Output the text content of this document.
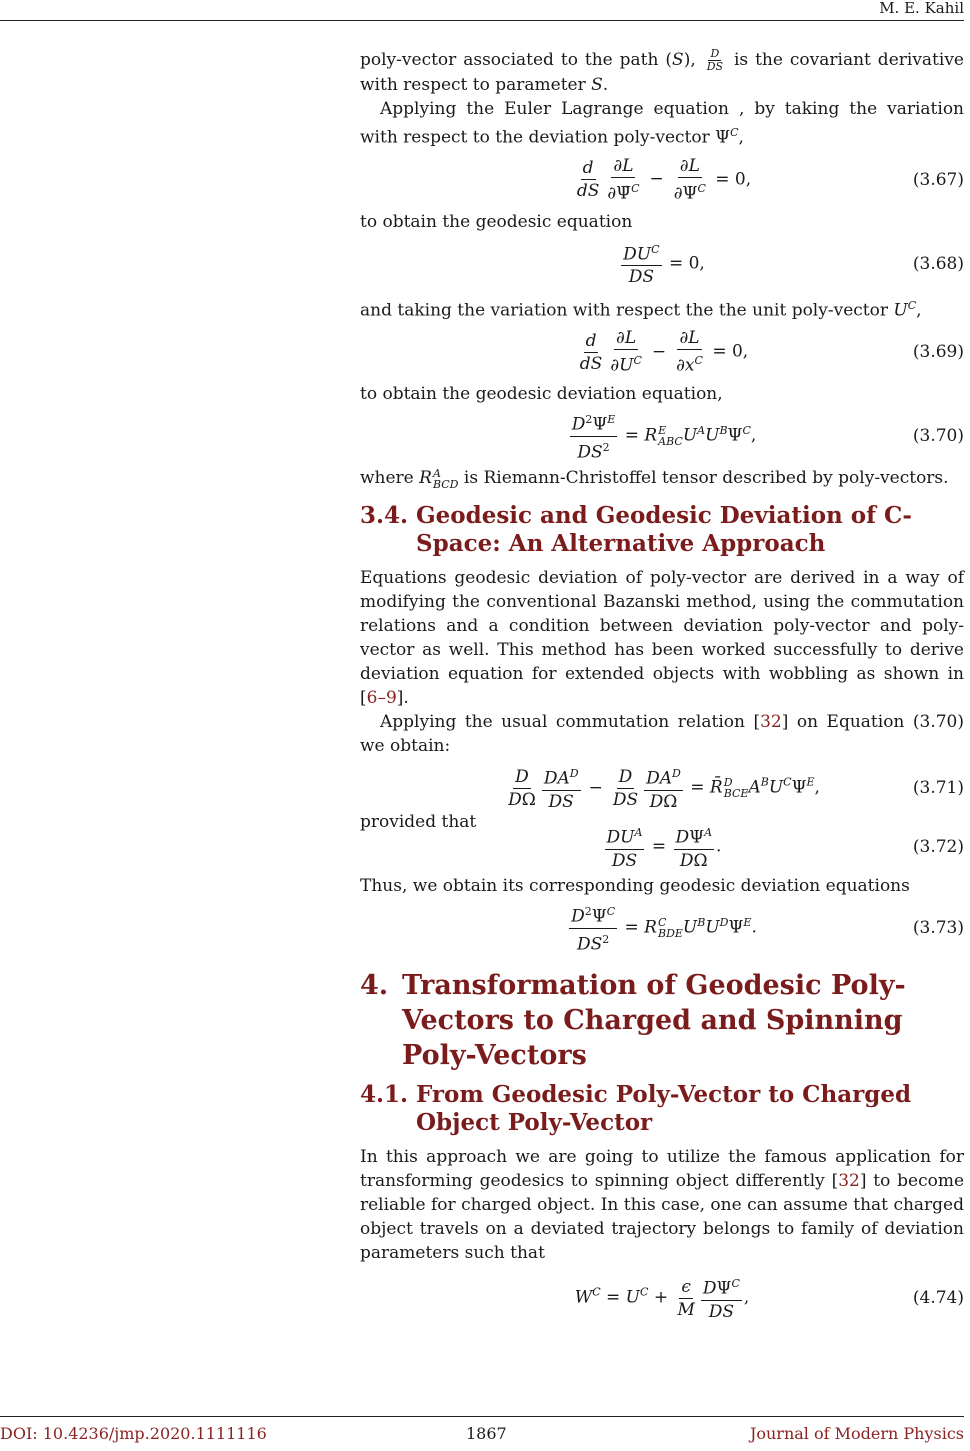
M. E. Kahil

poly-vector associated to the path (S), $\frac{D}{DS}$ is the covariant derivative with respect to parameter S.

Applying the Euler Lagrange equation , by taking the variation with respect to the deviation poly-vector $\Psi^C$,

$\frac{d}{dS} \frac{\partial L}{\partial\Psi̇^C} - \frac{\partial L}{\partial\Psi^C} = 0$,	(3.67)

to obtain the geodesic equation

$\frac{DU^C}{DS} = 0$,	(3.68)

and taking the variation with respect the the unit poly-vector $U^C$,

$\frac{d}{dS} \frac{\partial L}{\partial U^C} - \frac{\partial L}{\partial x^C} = 0$,	(3.69)

to obtain the geodesic deviation equation,

$\frac{D^2\Psi^E}{DS^2} = R$ E
ABC $U^AU^B\Psi^C$,	(3.70)

where R A
BCD is Riemann-Christoffel tensor described by poly-vectors.

3.4. Geodesic and Geodesic Deviation of C-Space: An Alternative Approach

Equations geodesic deviation of poly-vector are derived in a way of modifying the conventional Bazanski method, using the commutation relations and a condition between deviation poly-vector and poly-vector as well. This method has been worked successfully to derive deviation equation for extended objects with wobbling as shown in [6–9].

Applying the usual commutation relation [32] on Equation (3.70) we obtain:

$\frac{D}{D\Omega} \frac{DA^D}{DS} - \frac{D}{DS} \frac{DA^D}{D\Omega}$ = R̄ D
BCE $A^BU^C\Psi^E$,	(3.71)

provided that

$\frac{DU^A}{DS} = \frac{D\Psi^A}{D\Omega}$ .	(3.72)

Thus, we obtain its corresponding geodesic deviation equations

$\frac{D^2\Psi^C}{DS^2} = R$ C
BDE $U^BU^D\Psi^E$.	(3.73)
4. Transformation of Geodesic Poly-Vectors to Charged and Spinning Poly-Vectors
4.1. From Geodesic Poly-Vector to Charged Object Poly-Vector

In this approach we are going to utilize the famous application for transforming geodesics to spinning object differently [32] to become reliable for charged object. In this case, one can assume that charged object travels on a deviated trajectory belongs to family of deviation parameters such that

$W^C = U^C + \frac{\epsilon}{M} \frac{D\Psi^C}{DS}$ ,	(4.74)
DOI: 10.4236/jmp.2020.1111116	1867	Journal of Modern Physics
